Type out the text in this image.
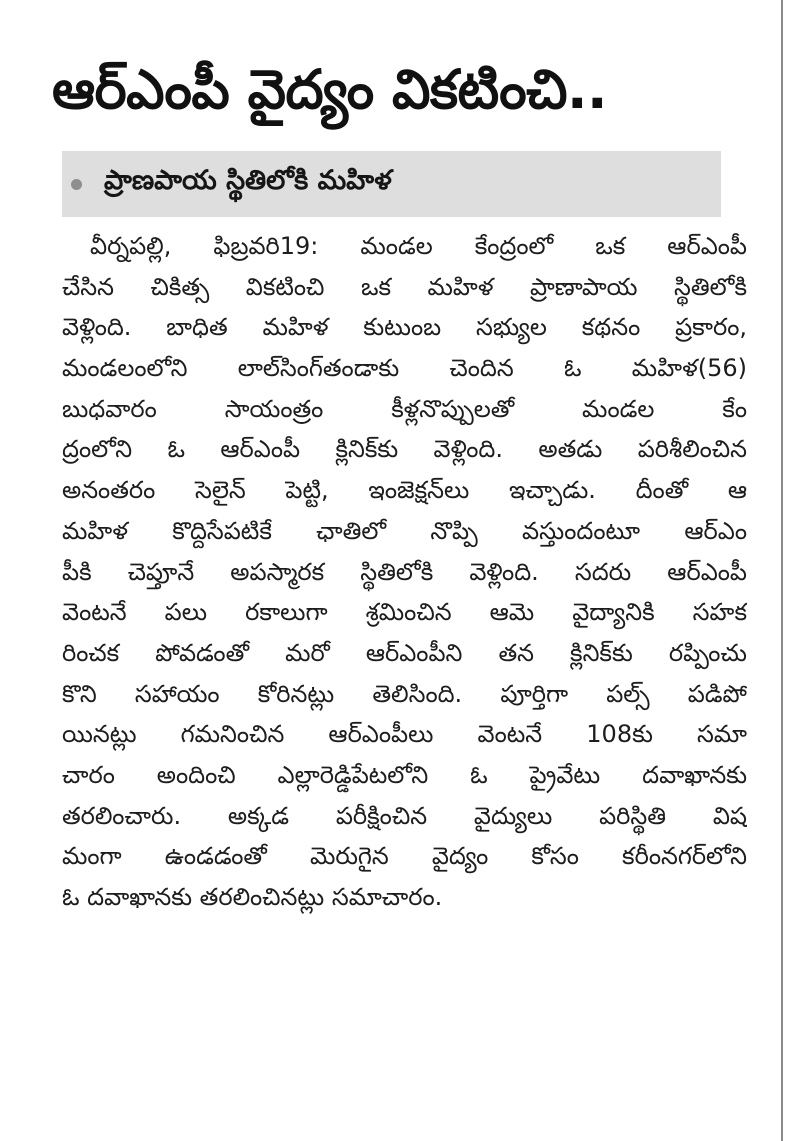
ఆర్‌ఎంపీ వైద్యం వికటించి..
ప్రాణపాయ స్థితిలోకి మహిళ
వీర్నపల్లి, ఫిబ్రవరి19: మండల కేంద్రంలో ఒక ఆర్‌ఎంపీ
చేసిన చికిత్స వికటించి ఒక మహిళ ప్రాణాపాయ స్థితిలోకి
వెళ్లింది. బాధిత మహిళ కుటుంబ సభ్యుల కథనం ప్రకారం,
మండలంలోని లాల్‌సింగ్‌తండాకు చెందిన ఓ మహిళ(56)
బుధవారం సాయంత్రం కీళ్లనొప్పులతో మండల కేం
ద్రంలోని ఓ ఆర్‌ఎంపీ క్లినిక్‌కు వెళ్లింది. అతడు పరిశీలించిన
అనంతరం సెలైన్ పెట్టి, ఇంజెక్షన్‌లు ఇచ్చాడు. దీంతో ఆ
మహిళ కొద్దిసేపటికే ఛాతిలో నొప్పి వస్తుందంటూ ఆర్‌ఎం
పీకి చెప్తూనే అపస్మారక స్థితిలోకి వెళ్లింది. సదరు ఆర్‌ఎంపీ
వెంటనే పలు రకాలుగా శ్రమించిన ఆమె వైద్యానికి సహక
రించక పోవడంతో మరో ఆర్‌ఎంపీని తన క్లినిక్‌కు రప్పించు
కొని సహాయం కోరినట్లు తెలిసింది. పూర్తిగా పల్స్ పడిపో
యినట్లు గమనించిన ఆర్‌ఎంపీలు వెంటనే 108కు సమా
చారం అందించి ఎల్లారెడ్డిపేటలోని ఓ ప్రైవేటు దవాఖానకు
తరలించారు. అక్కడ పరీక్షించిన వైద్యులు పరిస్థితి విష
మంగా ఉండడంతో మెరుగైన వైద్యం కోసం కరీంనగర్‌లోని
ఓ దవాఖానకు తరలించినట్లు సమాచారం.
